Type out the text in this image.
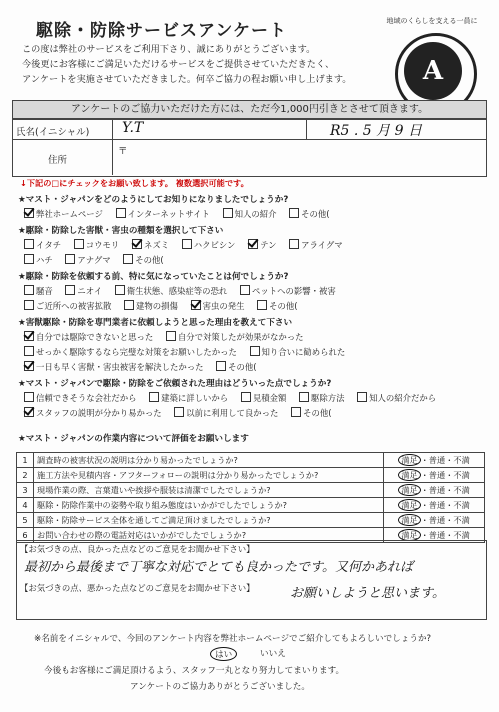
駆除・防除サービスアンケート
この度は弊社のサービスをご利用下さり、誠にありがとうございます。
今後更にお客様にご満足いただけるサービスをご提供させていただきたく、
アンケートを実施させていただきました。何卒ご協力の程お願い申し上げます。
地域のくらしを支える一員に
A
アンケートのご協力いただけた方には、ただ今1,000円引きとさせて頂きます。
氏名(イニシャル) Y.T	R5 . 5 月 9 日
住所
〒
↓下記の□にチェックをお願い致します。 複数選択可能です。
★マスト・ジャパンをどのようにしてお知りになりましたでしょうか?
弊社ホームページ	インターネットサイト	知人の紹介	その他(
★駆除・防除した害獣・害虫の種類を選択して下さい
イタチ	コウモリ	ネズミ	ハクビシン	テン	アライグマ
ハチ	アナグマ	その他(
★駆除・防除を依頼する前、特に気になっていたことは何でしょうか?
騒音	ニオイ	衛生状態、感染症等の恐れ	ペットへの影響・被害
ご近所への被害拡散	建物の損傷	害虫の発生	その他(
★害獣駆除・防除を専門業者に依頼しようと思った理由を教えて下さい
自分では駆除できないと思った	自分で対策したが効果がなかった
せっかく駆除するなら完璧な対策をお願いしたかった	知り合いに勧められた
一日も早く害獣・害虫被害を解決したかった	その他(
★マスト・ジャパンで駆除・防除をご依頼された理由はどういった点でしょうか?
信頼できそうな会社だから	建築に詳しいから	見積金額	駆除方法	知人の紹介だから
スタッフの説明が分かり易かった	以前に利用して良かった	その他(
★マスト・ジャパンの作業内容について評価をお願いします
1	調査時の被害状況の説明は分かり易かったでしょうか?	満足 ・普通・不満
2	施工方法や見積内容・アフターフォローの説明は分かり易かったでしょうか?	満足 ・普通・不満
3	現場作業の際、言葉遣いや挨拶や服装は清潔でしたでしょうか?	満足 ・普通・不満
4	駆除・防除作業中の姿勢や取り組み態度はいかがでしたでしょうか?	満足 ・普通・不満
5	駆除・防除サービス全体を通してご満足頂けましたでしょうか?	満足 ・普通・不満
6	お問い合わせの際の電話対応はいかがでしたでしょうか?	満足 ・普通・不満
【お気づきの点、良かった点などのご意見をお聞かせ下さい】
最初から最後まで丁寧な対応でとても良かったです。又何かあれば
お願いしようと思います。
【お気づきの点、悪かった点などのご意見をお聞かせ下さい】
※名前をイニシャルで、今回のアンケート内容を弊社ホームページでご紹介してもよろしいでしょうか?
はい	いいえ
今後もお客様にご満足頂けるよう、スタッフ一丸となり努力してまいります。
アンケートのご協力ありがとうございました。
